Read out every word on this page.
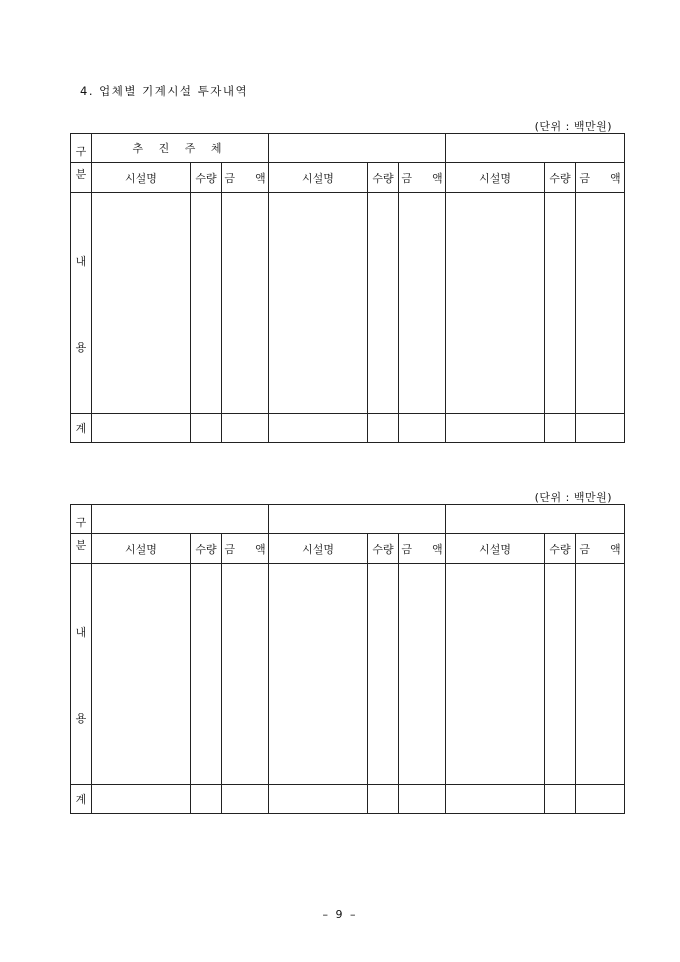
4. 업체별 기계시설 투자내역
(단위 : 백만원)
구	추 진 주 체								
분	시설명	수량	금 액	시설명	수량	금 액	시설명	수량	금 액

내
용									

계									
(단위 : 백만원)
구									
분	시설명	수량	금 액	시설명	수량	금 액	시설명	수량	금 액

내
용									

계									
– 9 –
